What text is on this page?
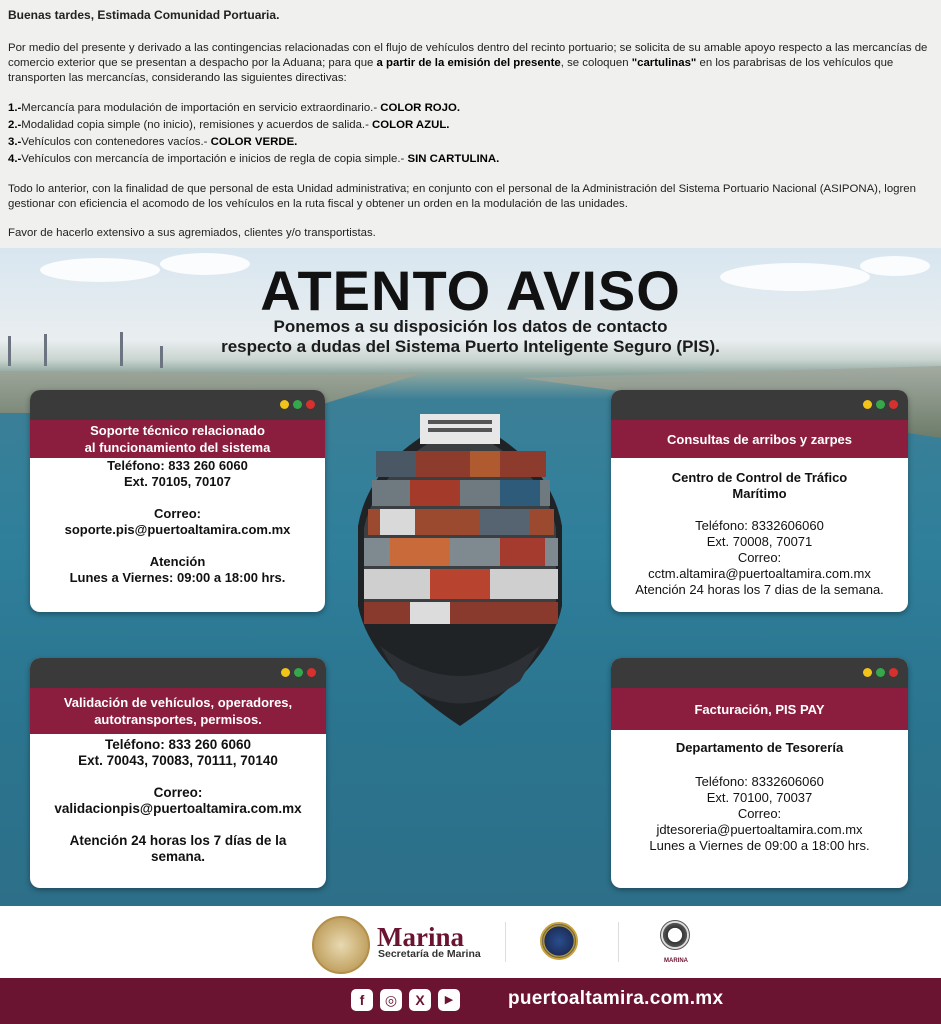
Buenas tardes, Estimada Comunidad Portuaria.

Por medio del presente y derivado a las contingencias relacionadas con el flujo de vehículos dentro del recinto portuario; se solicita de su amable apoyo respecto a las mercancías de comercio exterior que se presentan a despacho por la Aduana; para que a partir de la emisión del presente, se coloquen "cartulinas" en los parabrisas de los vehículos que transporten las mercancías, considerando las siguientes directivas:

1.-Mercancía para modulación de importación en servicio extraordinario.- COLOR ROJO.
2.-Modalidad copia simple (no inicio), remisiones y acuerdos de salida.- COLOR AZUL.
3.-Vehículos con contenedores vacíos.- COLOR VERDE.
4.-Vehículos con mercancía de importación e inicios de regla de copia simple.- SIN CARTULINA.

Todo lo anterior, con la finalidad de que personal de esta Unidad administrativa; en conjunto con el personal de la Administración del Sistema Portuario Nacional (ASIPONA), logren gestionar con eficiencia el acomodo de los vehículos en la ruta fiscal y obtener un orden en la modulación de las unidades.

Favor de hacerlo extensivo a sus agremiados, clientes y/o transportistas.

ATENTO AVISO
Ponemos a su disposición los datos de contacto
respecto a dudas del Sistema Puerto Inteligente Seguro (PIS).
Soporte técnico relacionado
al funcionamiento del sistema
Teléfono: 833 260 6060
Ext. 70105, 70107
Correo:
soporte.pis@puertoaltamira.com.mx
Atención
Lunes a Viernes: 09:00 a 18:00 hrs.
Consultas de arribos y zarpes
Centro de Control de Tráfico
Marítimo
Teléfono: 8332606060
Ext. 70008, 70071
Correo:
cctm.altamira@puertoaltamira.com.mx
Atención 24 horas los 7 dias de la semana.
Validación de vehículos, operadores,
autotransportes, permisos.
Teléfono: 833 260 6060
Ext. 70043, 70083, 70111, 70140
Correo:
validacionpis@puertoaltamira.com.mx
Atención 24 horas los 7 días de la
semana.
Facturación, PIS PAY
Departamento de Tesorería
Teléfono: 8332606060
Ext. 70100, 70037
Correo:
jdtesoreria@puertoaltamira.com.mx
Lunes a Viernes de 09:00 a 18:00 hrs.
Marina
Secretaría de Marina
MARINA
f	◎	X	▶	puertoaltamira.com.mx
